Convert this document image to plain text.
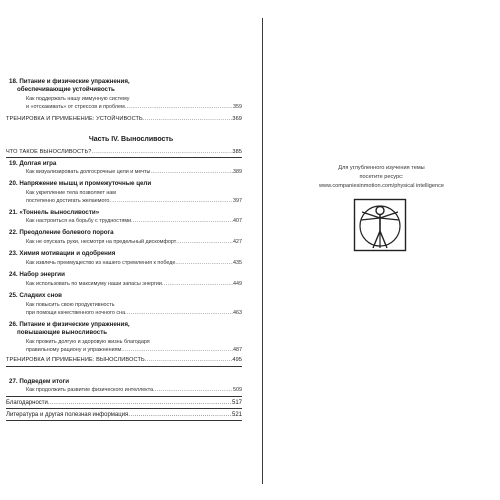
18. Питание и физические упражнения,
обеспечивающие устойчивость
Как поддержать нашу иммунную систему
и «отскакивать» от стрессов и проблем .....	359
ТРЕНИРОВКА И ПРИМЕНЕНИЕ: УСТОЙЧИВОСТЬ .....	369
Часть IV. Выносливость
ЧТО ТАКОЕ ВЫНОСЛИВОСТЬ? .....	385
19. Долгая игра
Как визуализировать долгосрочные цели и мечты .....	389
20. Напряжение мышц и промежуточные цели
Как укрепление тела позволяет нам
постепенно достигать желаемого .....	397
21. «Тоннель выносливости»
Как настроиться на борьбу с трудностями .....	407
22. Преодоление болевого порога
Как не опускать руки, несмотря на предельный дискомфорт .....	427
23. Химия мотивации и одобрения
Как извлечь преимущество из нашего стремления к победе .....	435
24. Набор энергии
Как использовать по максимуму наши запасы энергии .....	449
25. Сладких снов
Как повысить свою продуктивность
при помощи качественного ночного сна .....	463
26. Питание и физические упражнения,
повышающие выносливость
Как прожить долгую и здоровую жизнь благодаря
правильному рациону и упражнениям .....	487
ТРЕНИРОВКА И ПРИМЕНЕНИЕ: ВЫНОСЛИВОСТЬ .....	495
27. Подведем итоги
Как продолжить развитие физического интеллекта .....	509
Благодарности .....	517
Литература и другая полезная информация .....	521
Для углубленного изучения темы
посетите ресурс:
www.companiesinmotion.com/physical intelligence
